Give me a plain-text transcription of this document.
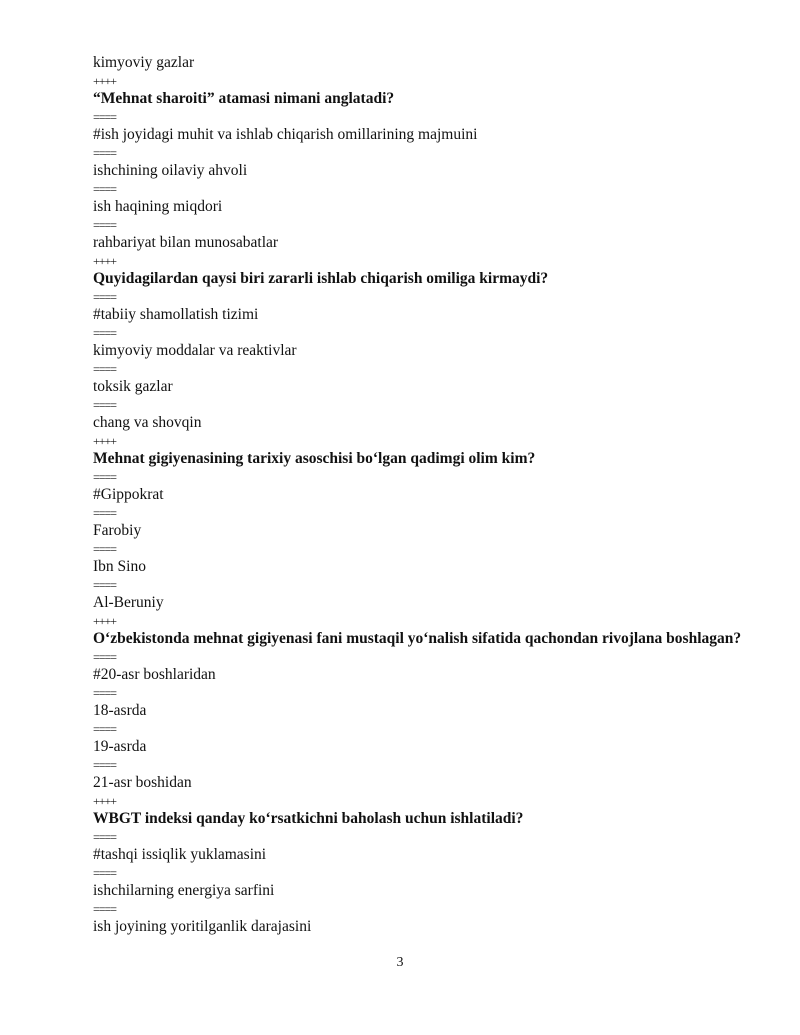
kimyoviy gazlar
++++
“Mehnat sharoiti” atamasi nimani anglatadi?
====
#ish joyidagi muhit va ishlab chiqarish omillarining majmuini
====
ishchining oilaviy ahvoli
====
ish haqining miqdori
====
rahbariyat bilan munosabatlar
++++
Quyidagilardan qaysi biri zararli ishlab chiqarish omiliga kirmaydi?
====
#tabiiy shamollatish tizimi
====
kimyoviy moddalar va reaktivlar
====
toksik gazlar
====
chang va shovqin
++++
Mehnat gigiyenasining tarixiy asoschisi bo‘lgan qadimgi olim kim?
====
#Gippokrat
====
Farobiy
====
Ibn Sino
====
Al-Beruniy
++++
O‘zbekistonda mehnat gigiyenasi fani mustaqil yo‘nalish sifatida qachondan rivojlana boshlagan?
====
#20-asr boshlaridan
====
18-asrda
====
19-asrda
====
21-asr boshidan
++++
WBGT indeksi qanday ko‘rsatkichni baholash uchun ishlatiladi?
====
#tashqi issiqlik yuklamasini
====
ishchilarning energiya sarfini
====
ish joyining yoritilganlik darajasini
3
